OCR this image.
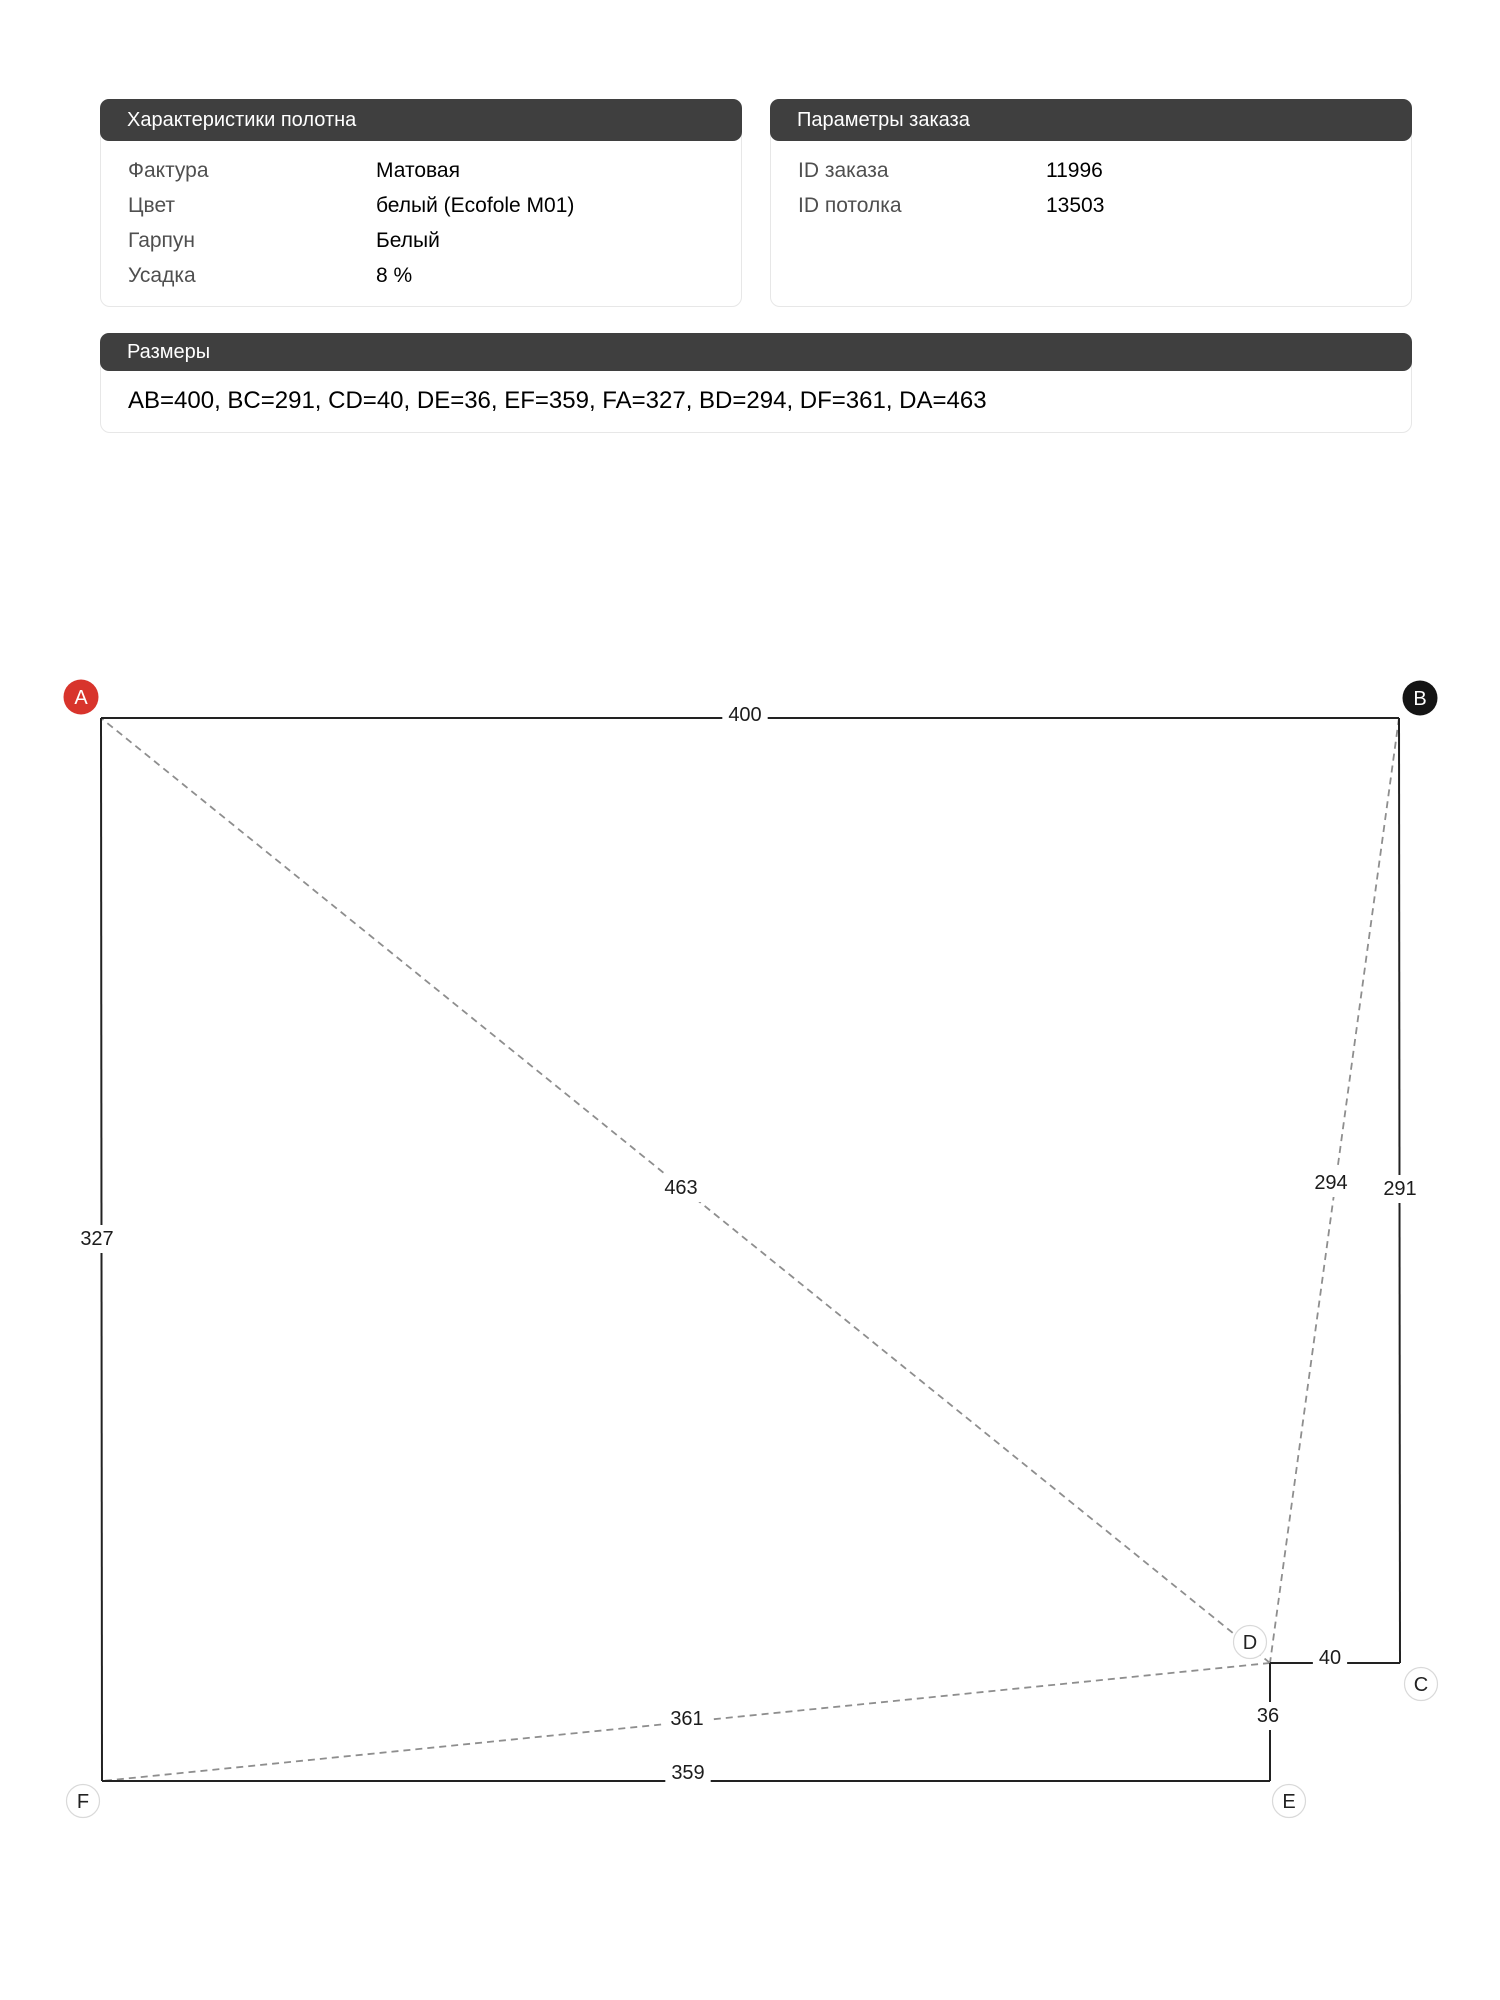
Характеристики полотна
Фактура	Матовая
Цвет	белый (Ecofole M01)
Гарпун	Белый
Усадка	8 %
Параметры заказа
ID заказа	11996
ID потолка	13503
Размеры
AB=400, BC=291, CD=40, DE=36, EF=359, FA=327, BD=294, DF=361, DA=463
294
361
463
400
291
40
36
359
327
A	B
C
D
E
F
